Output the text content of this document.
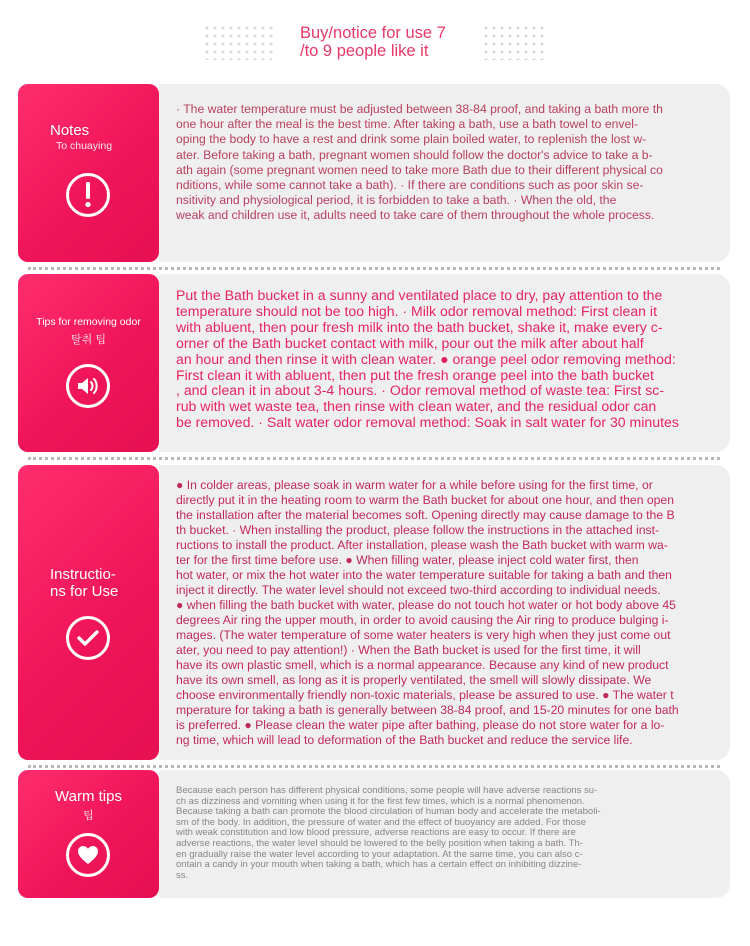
Buy/notice for use 7
/to 9 people like it
Notes
To chuaying
· The water temperature must be adjusted between 38-84 proof, and taking a bath more th
one hour after the meal is the best time. After taking a bath, use a bath towel to envel-
oping the body to have a rest and drink some plain boiled water, to replenish the lost w-
ater. Before taking a bath, pregnant women should follow the doctor's advice to take a b-
ath again (some pregnant women need to take more Bath due to their different physical co
nditions, while some cannot take a bath). · If there are conditions such as poor skin se-
nsitivity and physiological period, it is forbidden to take a bath. · When the old, the
weak and children use it, adults need to take care of them throughout the whole process.
Tips for removing odor
탈취 팁
Put the Bath bucket in a sunny and ventilated place to dry, pay attention to the
temperature should not be too high. · Milk odor removal method: First clean it
with abluent, then pour fresh milk into the bath bucket, shake it, make every c-
orner of the Bath bucket contact with milk, pour out the milk after about half
an hour and then rinse it with clean water. ● orange peel odor removing method:
First clean it with abluent, then put the fresh orange peel into the bath bucket
, and clean it in about 3-4 hours. · Odor removal method of waste tea: First sc-
rub with wet waste tea, then rinse with clean water, and the residual odor can
be removed. · Salt water odor removal method: Soak in salt water for 30 minutes
Instructio-
ns for Use
● In colder areas, please soak in warm water for a while before using for the first time, or
directly put it in the heating room to warm the Bath bucket for about one hour, and then open
the installation after the material becomes soft. Opening directly may cause damage to the B
th bucket. · When installing the product, please follow the instructions in the attached inst-
ructions to install the product. After installation, please wash the Bath bucket with warm wa-
ter for the first time before use. ● When filling water, please inject cold water first, then
hot water, or mix the hot water into the water temperature suitable for taking a bath and then
inject it directly. The water level should not exceed two-third according to individual needs.
● when filling the bath bucket with water, please do not touch hot water or hot body above 45
degrees Air ring the upper mouth, in order to avoid causing the Air ring to produce bulging i-
mages. (The water temperature of some water heaters is very high when they just come out
ater, you need to pay attention!) · When the Bath bucket is used for the first time, it will
have its own plastic smell, which is a normal appearance. Because any kind of new product
have its own smell, as long as it is properly ventilated, the smell will slowly dissipate. We
choose environmentally friendly non-toxic materials, please be assured to use. ● The water t
mperature for taking a bath is generally between 38-84 proof, and 15-20 minutes for one bath
is preferred. ● Please clean the water pipe after bathing, please do not store water for a lo-
ng time, which will lead to deformation of the Bath bucket and reduce the service life.
Warm tips
팁
Because each person has different physical conditions, some people will have adverse reactions su-
ch as dizziness and vomiting when using it for the first few times, which is a normal phenomenon.
Because taking a bath can promote the blood circulation of human body and accelerate the metaboli-
sm of the body. In addition, the pressure of water and the effect of buoyancy are added. For those
with weak constitution and low blood pressure, adverse reactions are easy to occur. If there are
adverse reactions, the water level should be lowered to the belly position when taking a bath. Th-
en gradually raise the water level according to your adaptation. At the same time, you can also c-
ontain a candy in your mouth when taking a bath, which has a certain effect on inhibiting dizzine-
ss.
